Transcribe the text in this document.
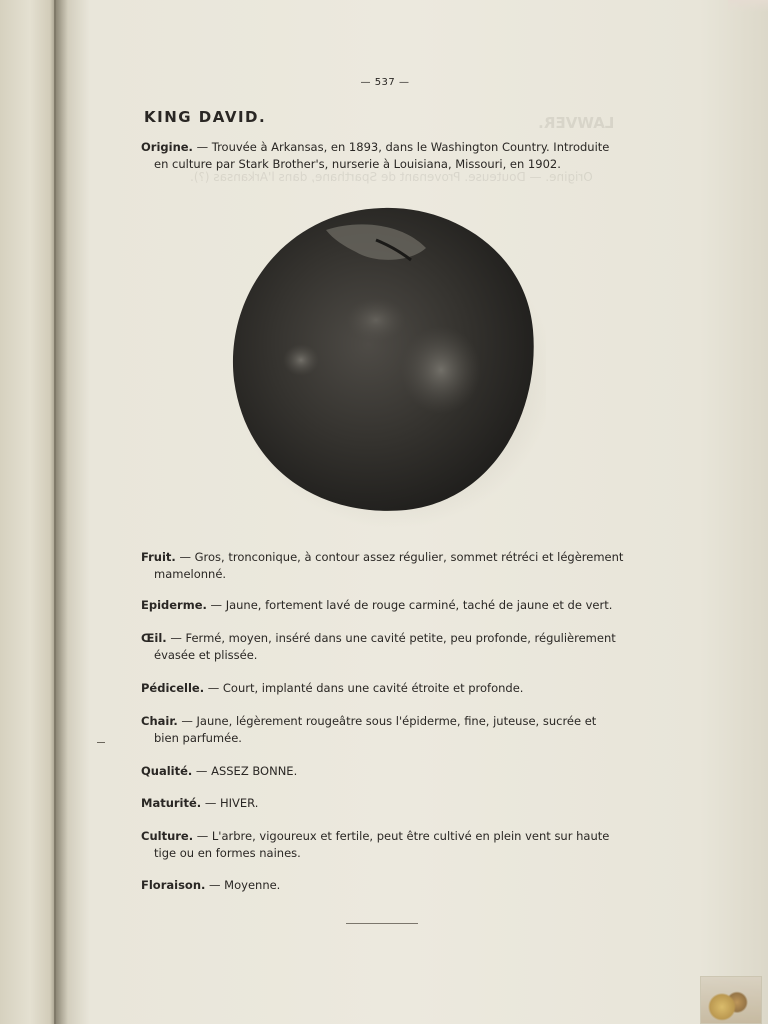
LAWVER.
Origine. — Douteuse. Provenant de Sparthane, dans l'Arkansas (?).
— 537 —
KING DAVID.
Origine. — Trouvée à Arkansas, en 1893, dans le Washington Country. Introduite
en culture par Stark Brother's, nurserie à Louisiana, Missouri, en 1902.
Fruit. — Gros, tronconique, à contour assez régulier, sommet rétréci et légèrement
mamelonné.
Epiderme. — Jaune, fortement lavé de rouge carminé, taché de jaune et de vert.
Œil. — Fermé, moyen, inséré dans une cavité petite, peu profonde, régulièrement
évasée et plissée.
Pédicelle. — Court, implanté dans une cavité étroite et profonde.
Chair. — Jaune, légèrement rougeâtre sous l'épiderme, fine, juteuse, sucrée et
bien parfumée.
Qualité. — ASSEZ BONNE.
Maturité. — HIVER.
Culture. — L'arbre, vigoureux et fertile, peut être cultivé en plein vent sur haute
tige ou en formes naines.
Floraison. — Moyenne.
